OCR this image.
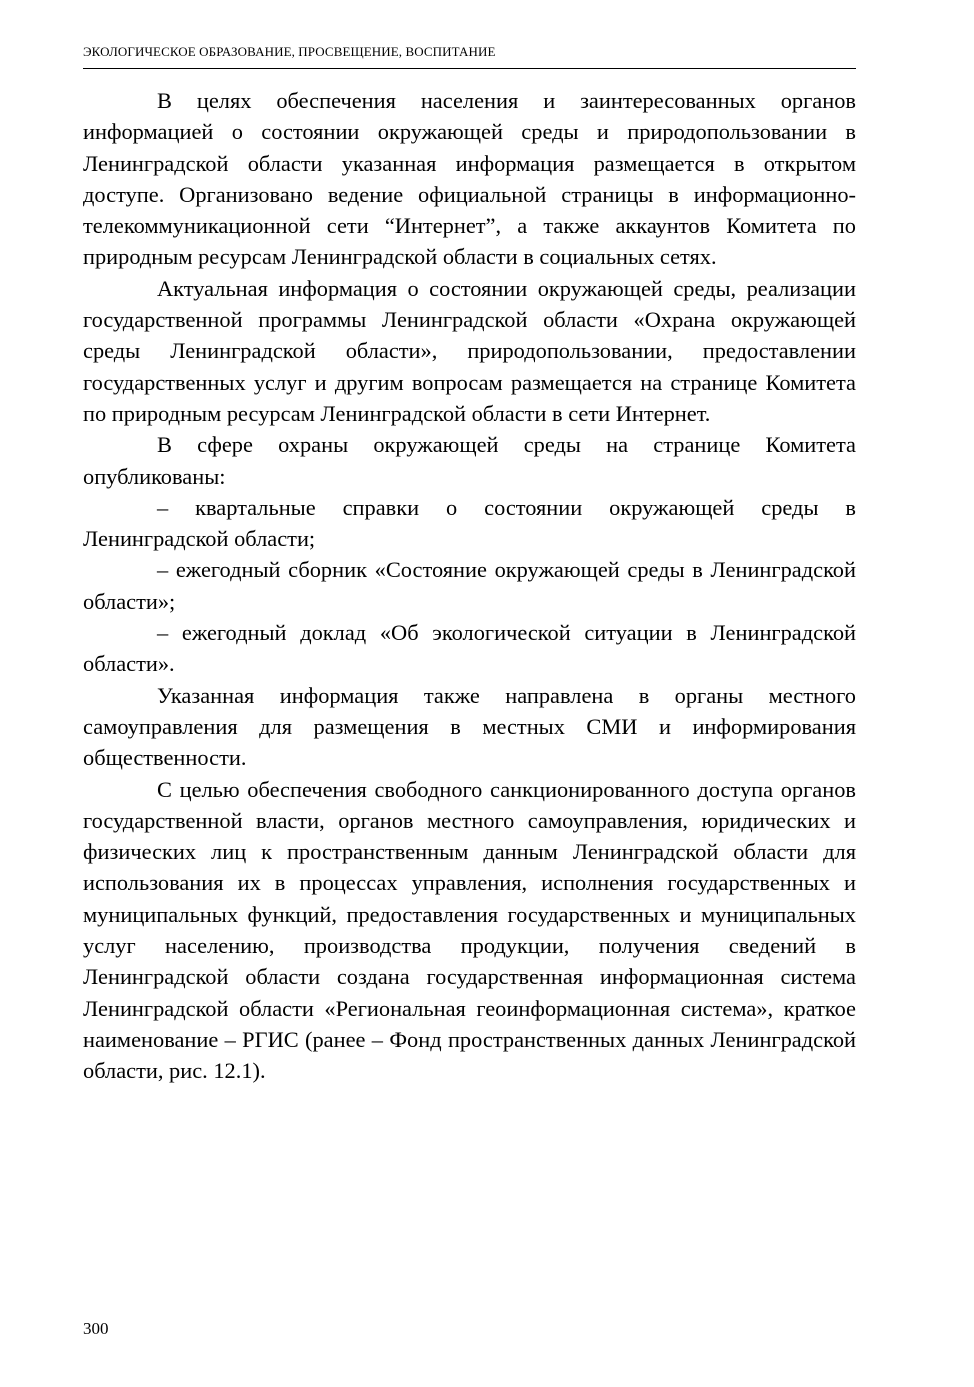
ЭКОЛОГИЧЕСКОЕ ОБРАЗОВАНИЕ, ПРОСВЕЩЕНИЕ, ВОСПИТАНИЕ

В целях обеспечения населения и заинтересованных органов информацией о состоянии окружающей среды и природопользовании в Ленинградской области указанная информация размещается в открытом доступе. Организовано ведение официальной страницы в информационно-телекоммуникационной сети “Интернет”, а также аккаунтов Комитета по природным ресурсам Ленинградской области в социальных сетях.

Актуальная информация о состоянии окружающей среды, реализации государственной программы Ленинградской области «Охрана окружающей среды Ленинградской области», природопользовании, предоставлении государственных услуг и другим вопросам размещается на странице Комитета по природным ресурсам Ленинградской области в сети Интернет.

В сфере охраны окружающей среды на странице Комитета опубликованы:

– квартальные справки о состоянии окружающей среды в Ленинградской области;

– ежегодный сборник «Состояние окружающей среды в Ленинградской области»;

– ежегодный доклад «Об экологической ситуации в Ленинградской области».

Указанная информация также направлена в органы местного самоуправления для размещения в местных СМИ и информирования общественности.

С целью обеспечения свободного санкционированного доступа органов государственной власти, органов местного самоуправления, юридических и физических лиц к пространственным данным Ленинградской области для использования их в процессах управления, исполнения государственных и муниципальных функций, предоставления государственных и муниципальных услуг населению, производства продукции, получения сведений в Ленинградской области создана государственная информационная система Ленинградской области «Региональная геоинформационная система», краткое наименование – РГИС (ранее – Фонд пространственных данных Ленинградской области, рис. 12.1).

300
